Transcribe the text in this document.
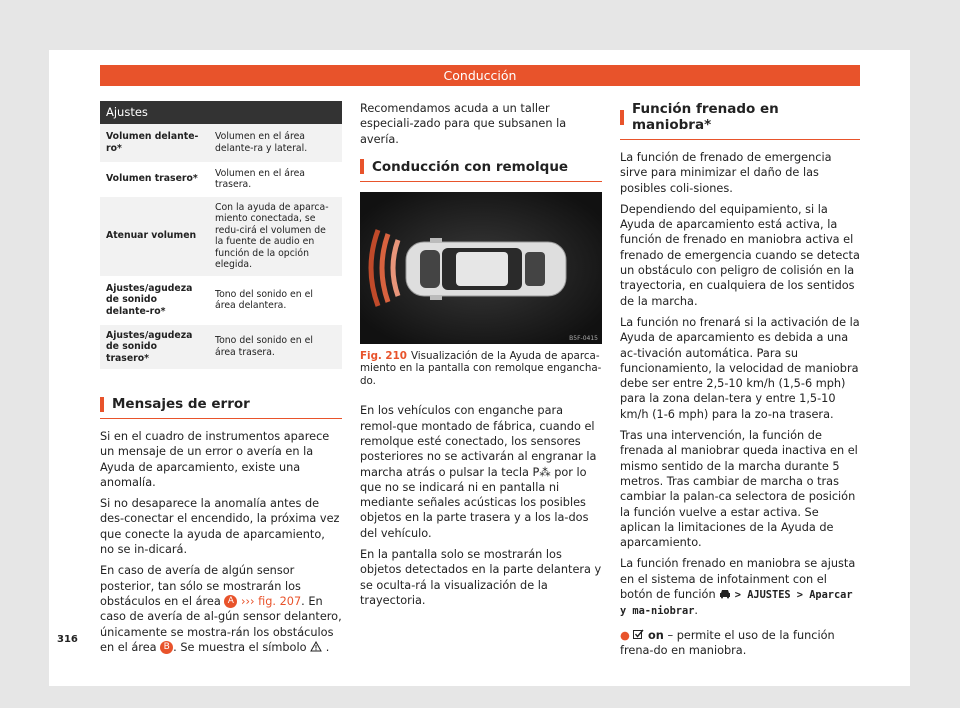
Conducción
Ajustes	
Volumen delante-ro*	Volumen en el área delante-ra y lateral.
Volumen trasero*	Volumen en el área trasera.
Atenuar volumen	Con la ayuda de aparca-miento conectada, se redu-cirá el volumen de la fuente de audio en función de la opción elegida.
Ajustes/agudeza de sonido delante-ro*	Tono del sonido en el área delantera.
Ajustes/agudeza de sonido trasero*	Tono del sonido en el área trasera.
Mensajes de error

Si en el cuadro de instrumentos aparece un mensaje de un error o avería en la Ayuda de aparcamiento, existe una anomalía.

Si no desaparece la anomalía antes de des-conectar el encendido, la próxima vez que conecte la ayuda de aparcamiento, no se in-dicará.

En caso de avería de algún sensor posterior, tan sólo se mostrarán los obstáculos en el área A ››› fig. 207. En caso de avería de al-gún sensor delantero, únicamente se mostra-rán los obstáculos en el área B . Se muestra el símbolo .

Recomendamos acuda a un taller especiali-zado para que subsanen la avería.

Conducción con remolque
B5F-0415
Fig. 210 Visualización de la Ayuda de aparca-miento en la pantalla con remolque engancha-do.

En los vehículos con enganche para remol-que montado de fábrica, cuando el remolque esté conectado, los sensores posteriores no se activarán al engranar la marcha atrás o pulsar la tecla P⁂ por lo que no se indicará ni en pantalla ni mediante señales acústicas los posibles objetos en la parte trasera y a los la-dos del vehículo.

En la pantalla solo se mostrarán los objetos detectados en la parte delantera y se oculta-rá la visualización de la trayectoria.

Función frenado en maniobra*

La función de frenado de emergencia sirve para minimizar el daño de las posibles coli-siones.

Dependiendo del equipamiento, si la Ayuda de aparcamiento está activa, la función de frenado en maniobra activa el frenado de emergencia cuando se detecta un obstáculo con peligro de colisión en la trayectoria, en cualquiera de los sentidos de la marcha.

La función no frenará si la activación de la Ayuda de aparcamiento es debida a una ac-tivación automática. Para su funcionamiento, la velocidad de maniobra debe ser entre 2,5-10 km/h (1,5-6 mph) para la zona delan-tera y entre 1,5-10 km/h (1-6 mph) para la zo-na trasera.

Tras una intervención, la función de frenada al maniobrar queda inactiva en el mismo sentido de la marcha durante 5 metros. Tras cambiar de marcha o tras cambiar la palan-ca selectora de posición la función vuelve a estar activa. Se aplican la limitaciones de la Ayuda de aparcamiento.

La función frenado en maniobra se ajusta en el sistema de infotainment con el botón de función  > AJUSTES > Aparcar y ma-niobrar.

● on – permite el uso de la función frena-do en maniobra.

316
